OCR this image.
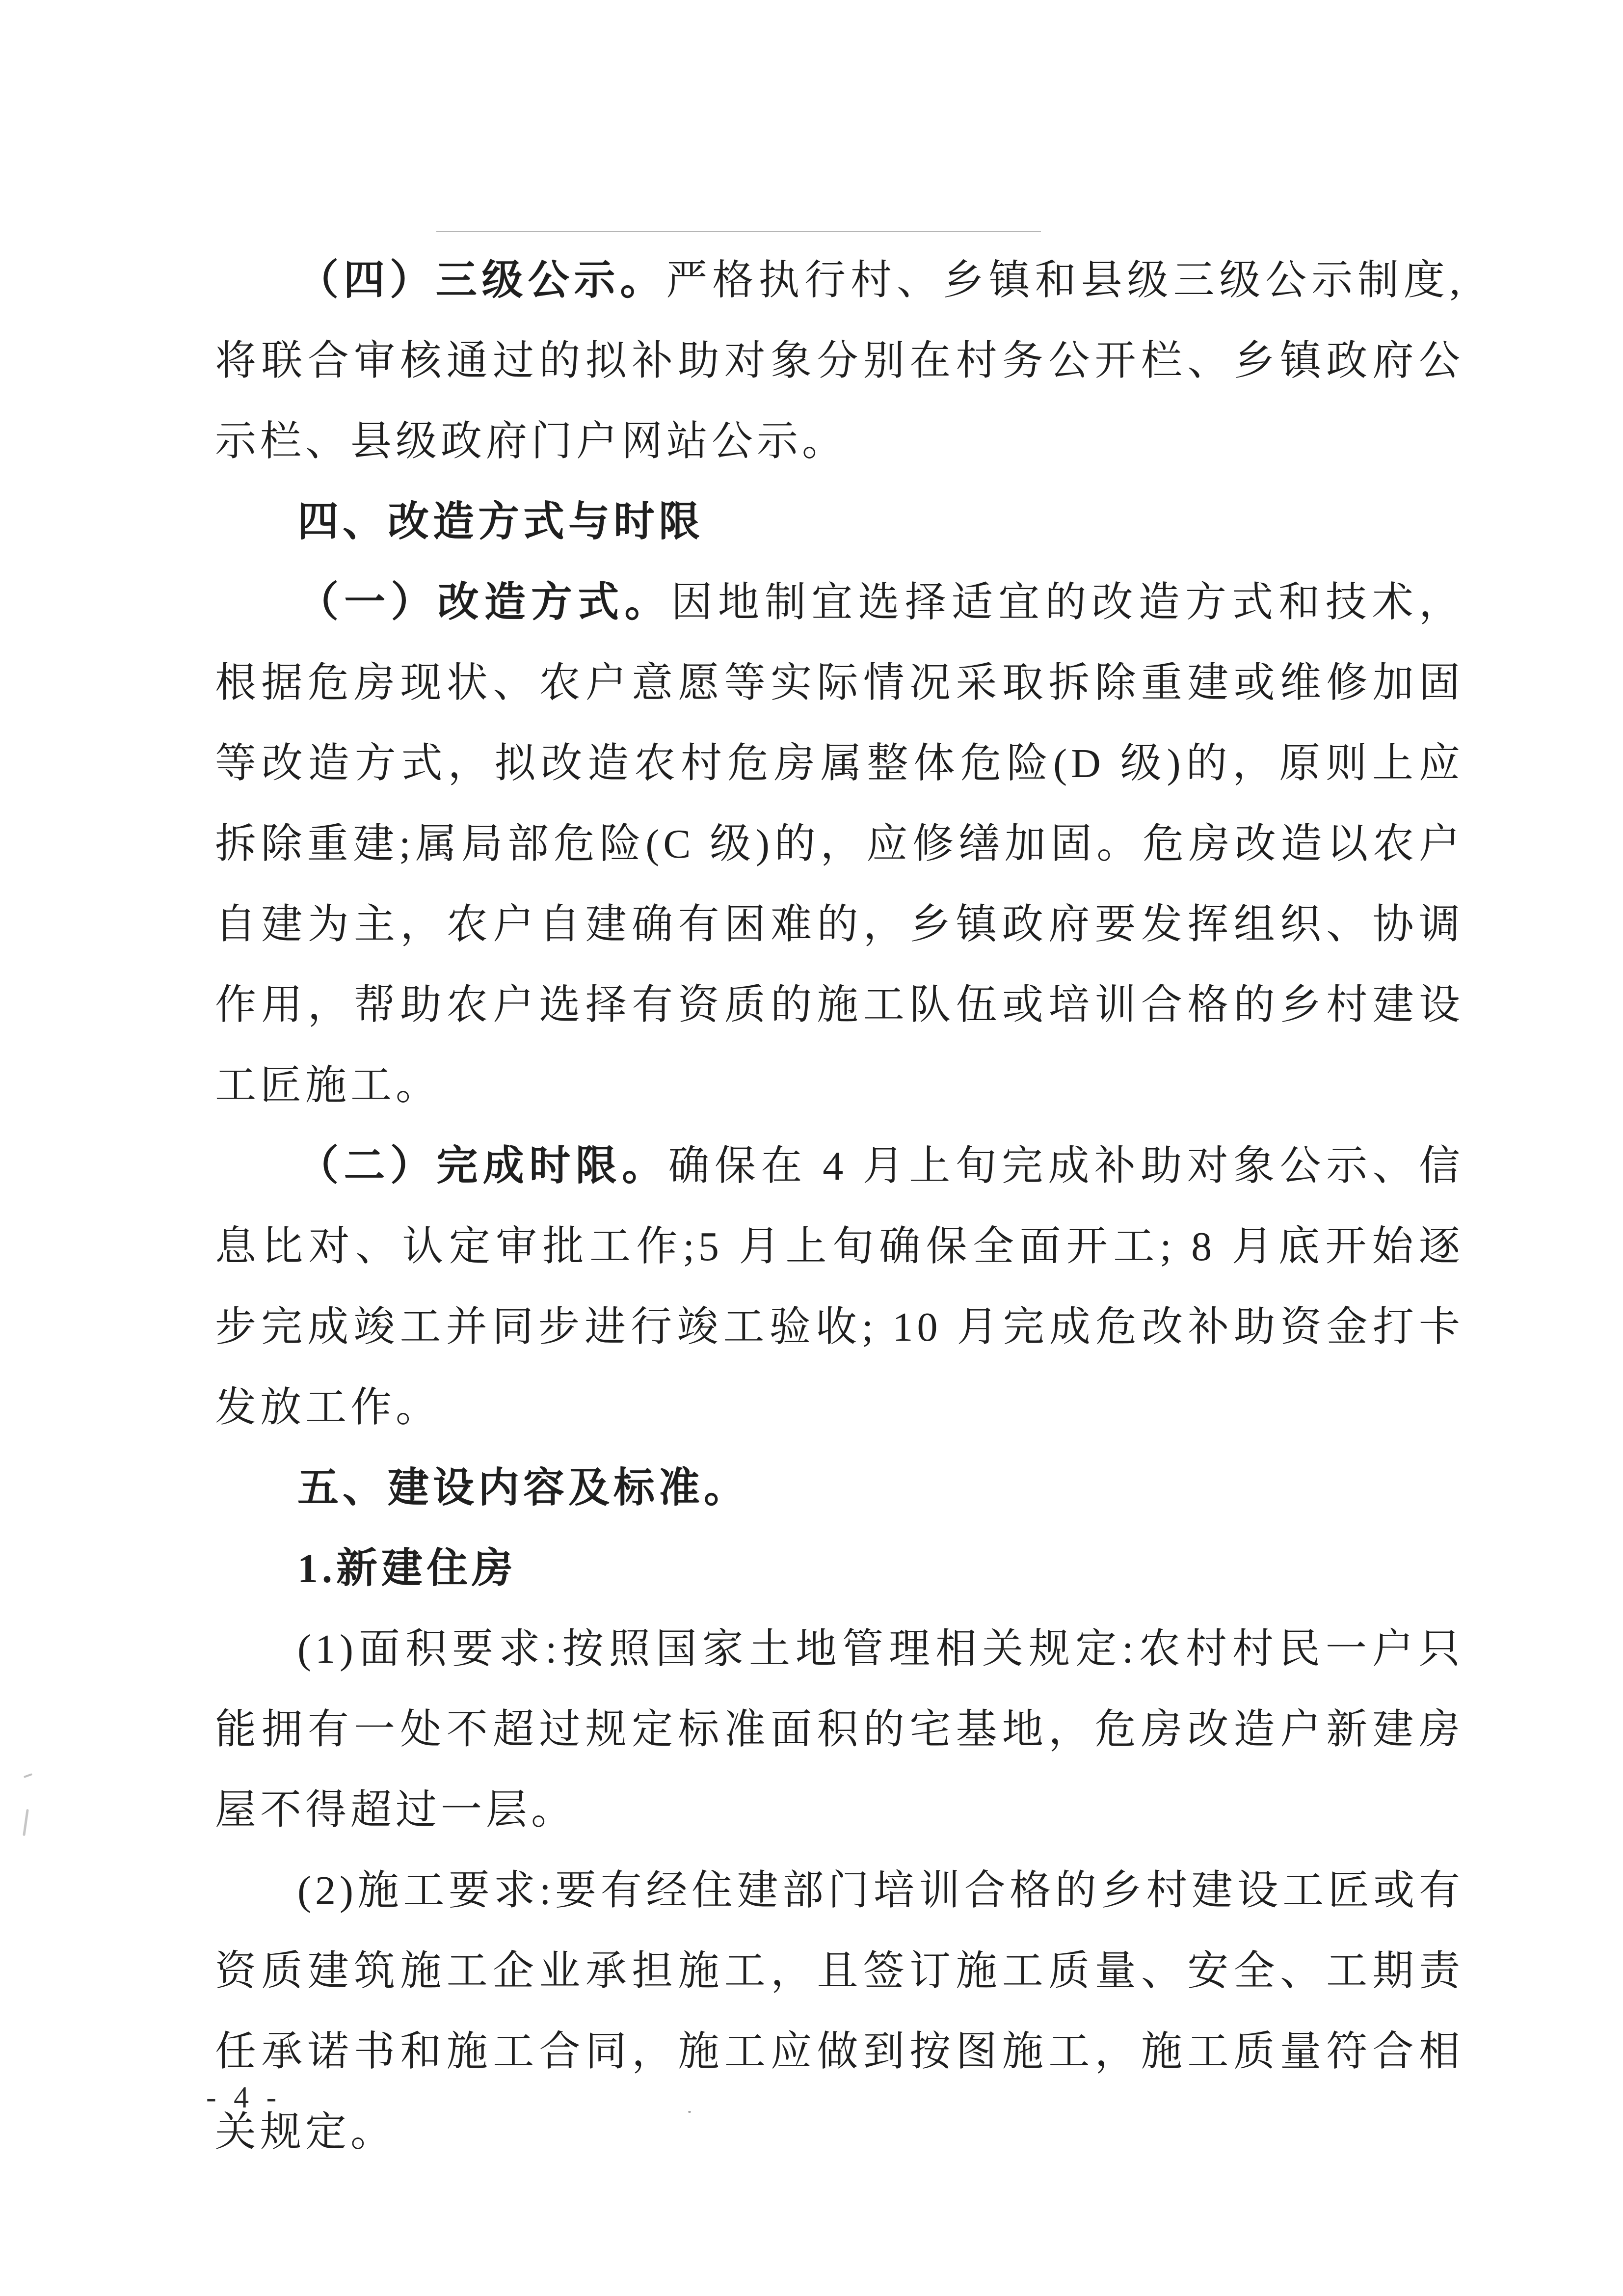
（四）三级公示。严格执行村、乡镇和县级三级公示制度,将联合审核通过的拟补助对象分别在村务公开栏、乡镇政府公示栏、县级政府门户网站公示。

四、改造方式与时限

（一）改造方式。因地制宜选择适宜的改造方式和技术，根据危房现状、农户意愿等实际情况采取拆除重建或维修加固等改造方式，拟改造农村危房属整体危险(D 级)的，原则上应拆除重建;属局部危险(C 级)的，应修缮加固。危房改造以农户自建为主，农户自建确有困难的，乡镇政府要发挥组织、协调作用，帮助农户选择有资质的施工队伍或培训合格的乡村建设工匠施工。

（二）完成时限。确保在 4 月上旬完成补助对象公示、信息比对、认定审批工作;5 月上旬确保全面开工; 8 月底开始逐步完成竣工并同步进行竣工验收; 10 月完成危改补助资金打卡发放工作。

五、建设内容及标准。

1.新建住房

(1)面积要求:按照国家土地管理相关规定:农村村民一户只能拥有一处不超过规定标准面积的宅基地，危房改造户新建房屋不得超过一层。

(2)施工要求:要有经住建部门培训合格的乡村建设工匠或有资质建筑施工企业承担施工，且签订施工质量、安全、工期责任承诺书和施工合同，施工应做到按图施工，施工质量符合相关规定。

- 4 -
